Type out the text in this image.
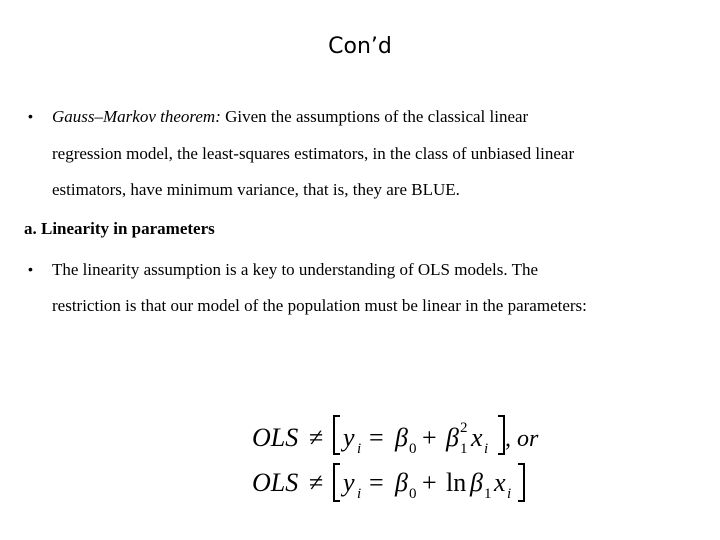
Con’d
• Gauss–Markov theorem: Given the assumptions of the classical linear
regression model, the least-squares estimators, in the class of unbiased linear
estimators, have minimum variance, that is, they are BLUE.
a. Linearity in parameters
• The linearity assumption is a key to understanding of OLS models. The
restriction is that our model of the population must be linear in the parameters:
OLS ≠ y i = β 0 + β 1
2 x i , or
OLS ≠ y i = β 0 + ln β 1 x i
